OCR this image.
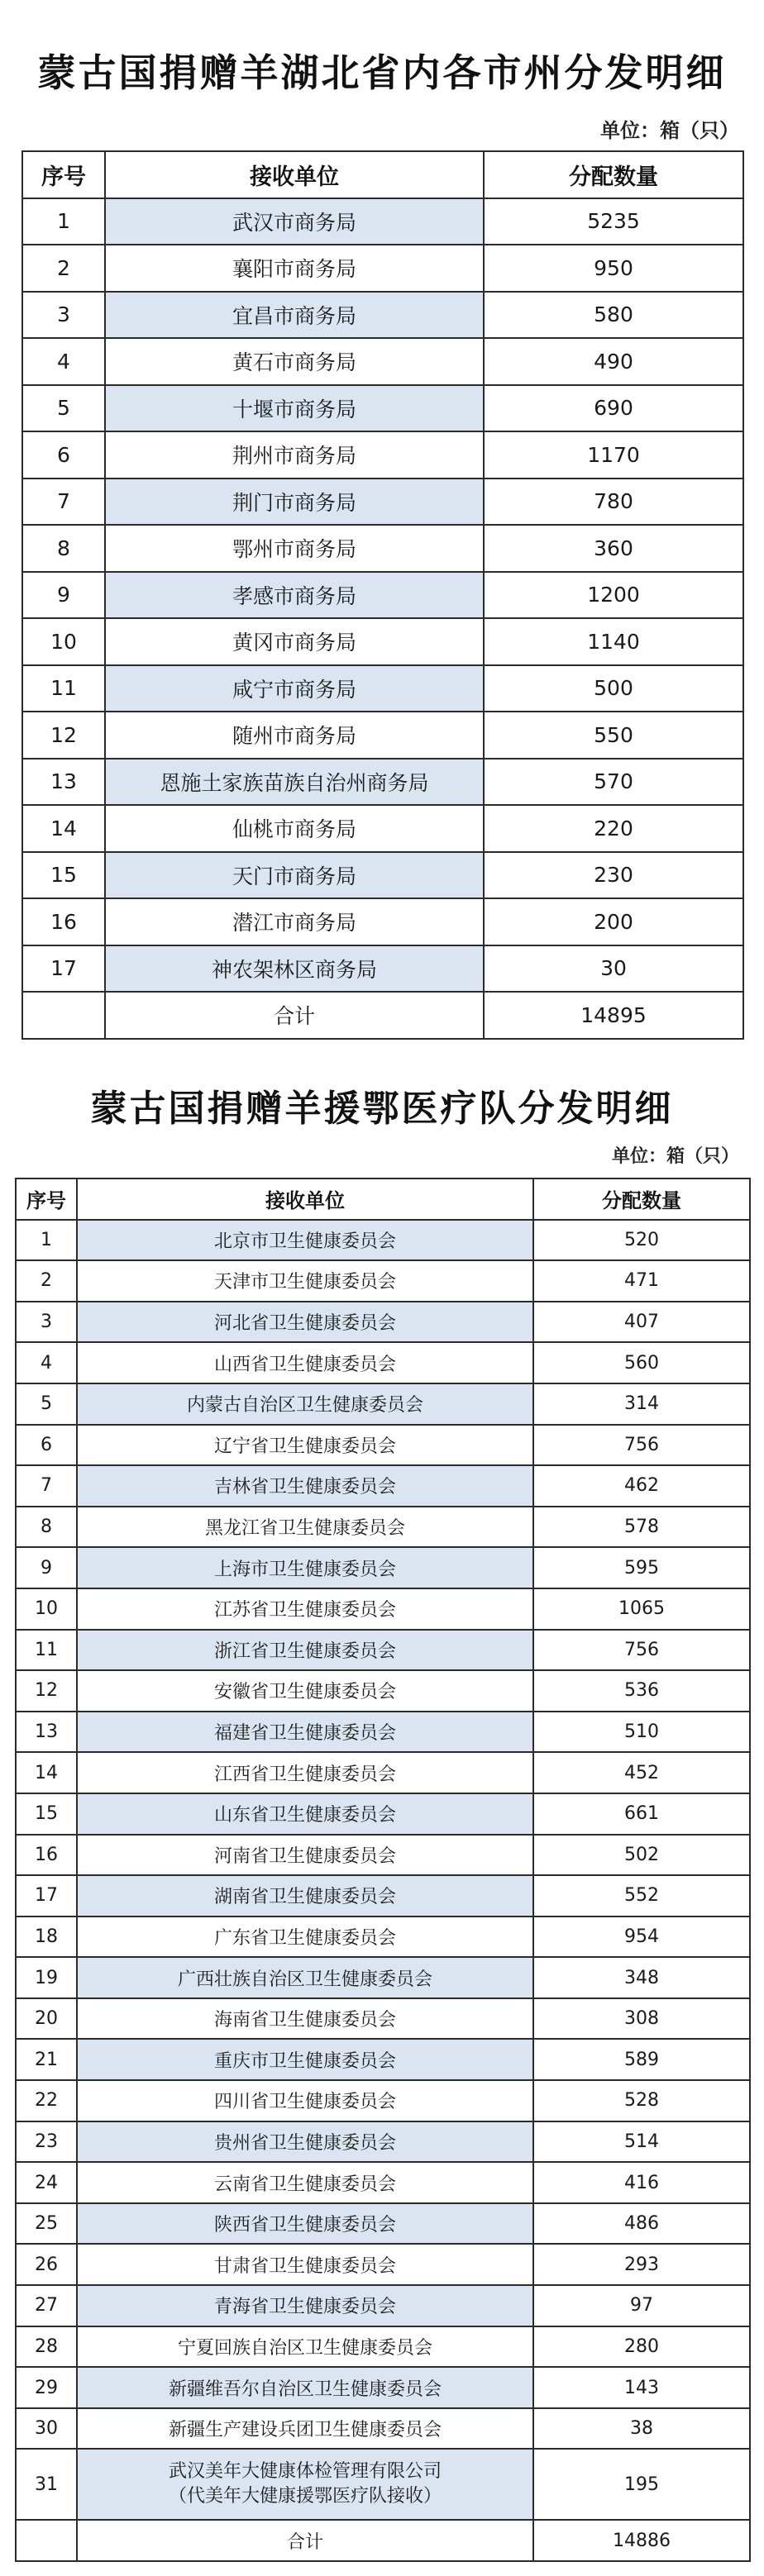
蒙古国捐赠羊湖北省内各市州分发明细
单位：箱（只）
序号	接收单位	分配数量
1	武汉市商务局	5235
2	襄阳市商务局	950
3	宜昌市商务局	580
4	黄石市商务局	490
5	十堰市商务局	690
6	荆州市商务局	1170
7	荆门市商务局	780
8	鄂州市商务局	360
9	孝感市商务局	1200
10	黄冈市商务局	1140
11	咸宁市商务局	500
12	随州市商务局	550
13	恩施土家族苗族自治州商务局	570
14	仙桃市商务局	220
15	天门市商务局	230
16	潜江市商务局	200
17	神农架林区商务局	30
	合计	14895
蒙古国捐赠羊援鄂医疗队分发明细
单位：箱（只）
序号	接收单位	分配数量
1	北京市卫生健康委员会	520
2	天津市卫生健康委员会	471
3	河北省卫生健康委员会	407
4	山西省卫生健康委员会	560
5	内蒙古自治区卫生健康委员会	314
6	辽宁省卫生健康委员会	756
7	吉林省卫生健康委员会	462
8	黑龙江省卫生健康委员会	578
9	上海市卫生健康委员会	595
10	江苏省卫生健康委员会	1065
11	浙江省卫生健康委员会	756
12	安徽省卫生健康委员会	536
13	福建省卫生健康委员会	510
14	江西省卫生健康委员会	452
15	山东省卫生健康委员会	661
16	河南省卫生健康委员会	502
17	湖南省卫生健康委员会	552
18	广东省卫生健康委员会	954
19	广西壮族自治区卫生健康委员会	348
20	海南省卫生健康委员会	308
21	重庆市卫生健康委员会	589
22	四川省卫生健康委员会	528
23	贵州省卫生健康委员会	514
24	云南省卫生健康委员会	416
25	陕西省卫生健康委员会	486
26	甘肃省卫生健康委员会	293
27	青海省卫生健康委员会	97
28	宁夏回族自治区卫生健康委员会	280
29	新疆维吾尔自治区卫生健康委员会	143
30	新疆生产建设兵团卫生健康委员会	38
31	武汉美年大健康体检管理有限公司
（代美年大健康援鄂医疗队接收）	195
	合计	14886
